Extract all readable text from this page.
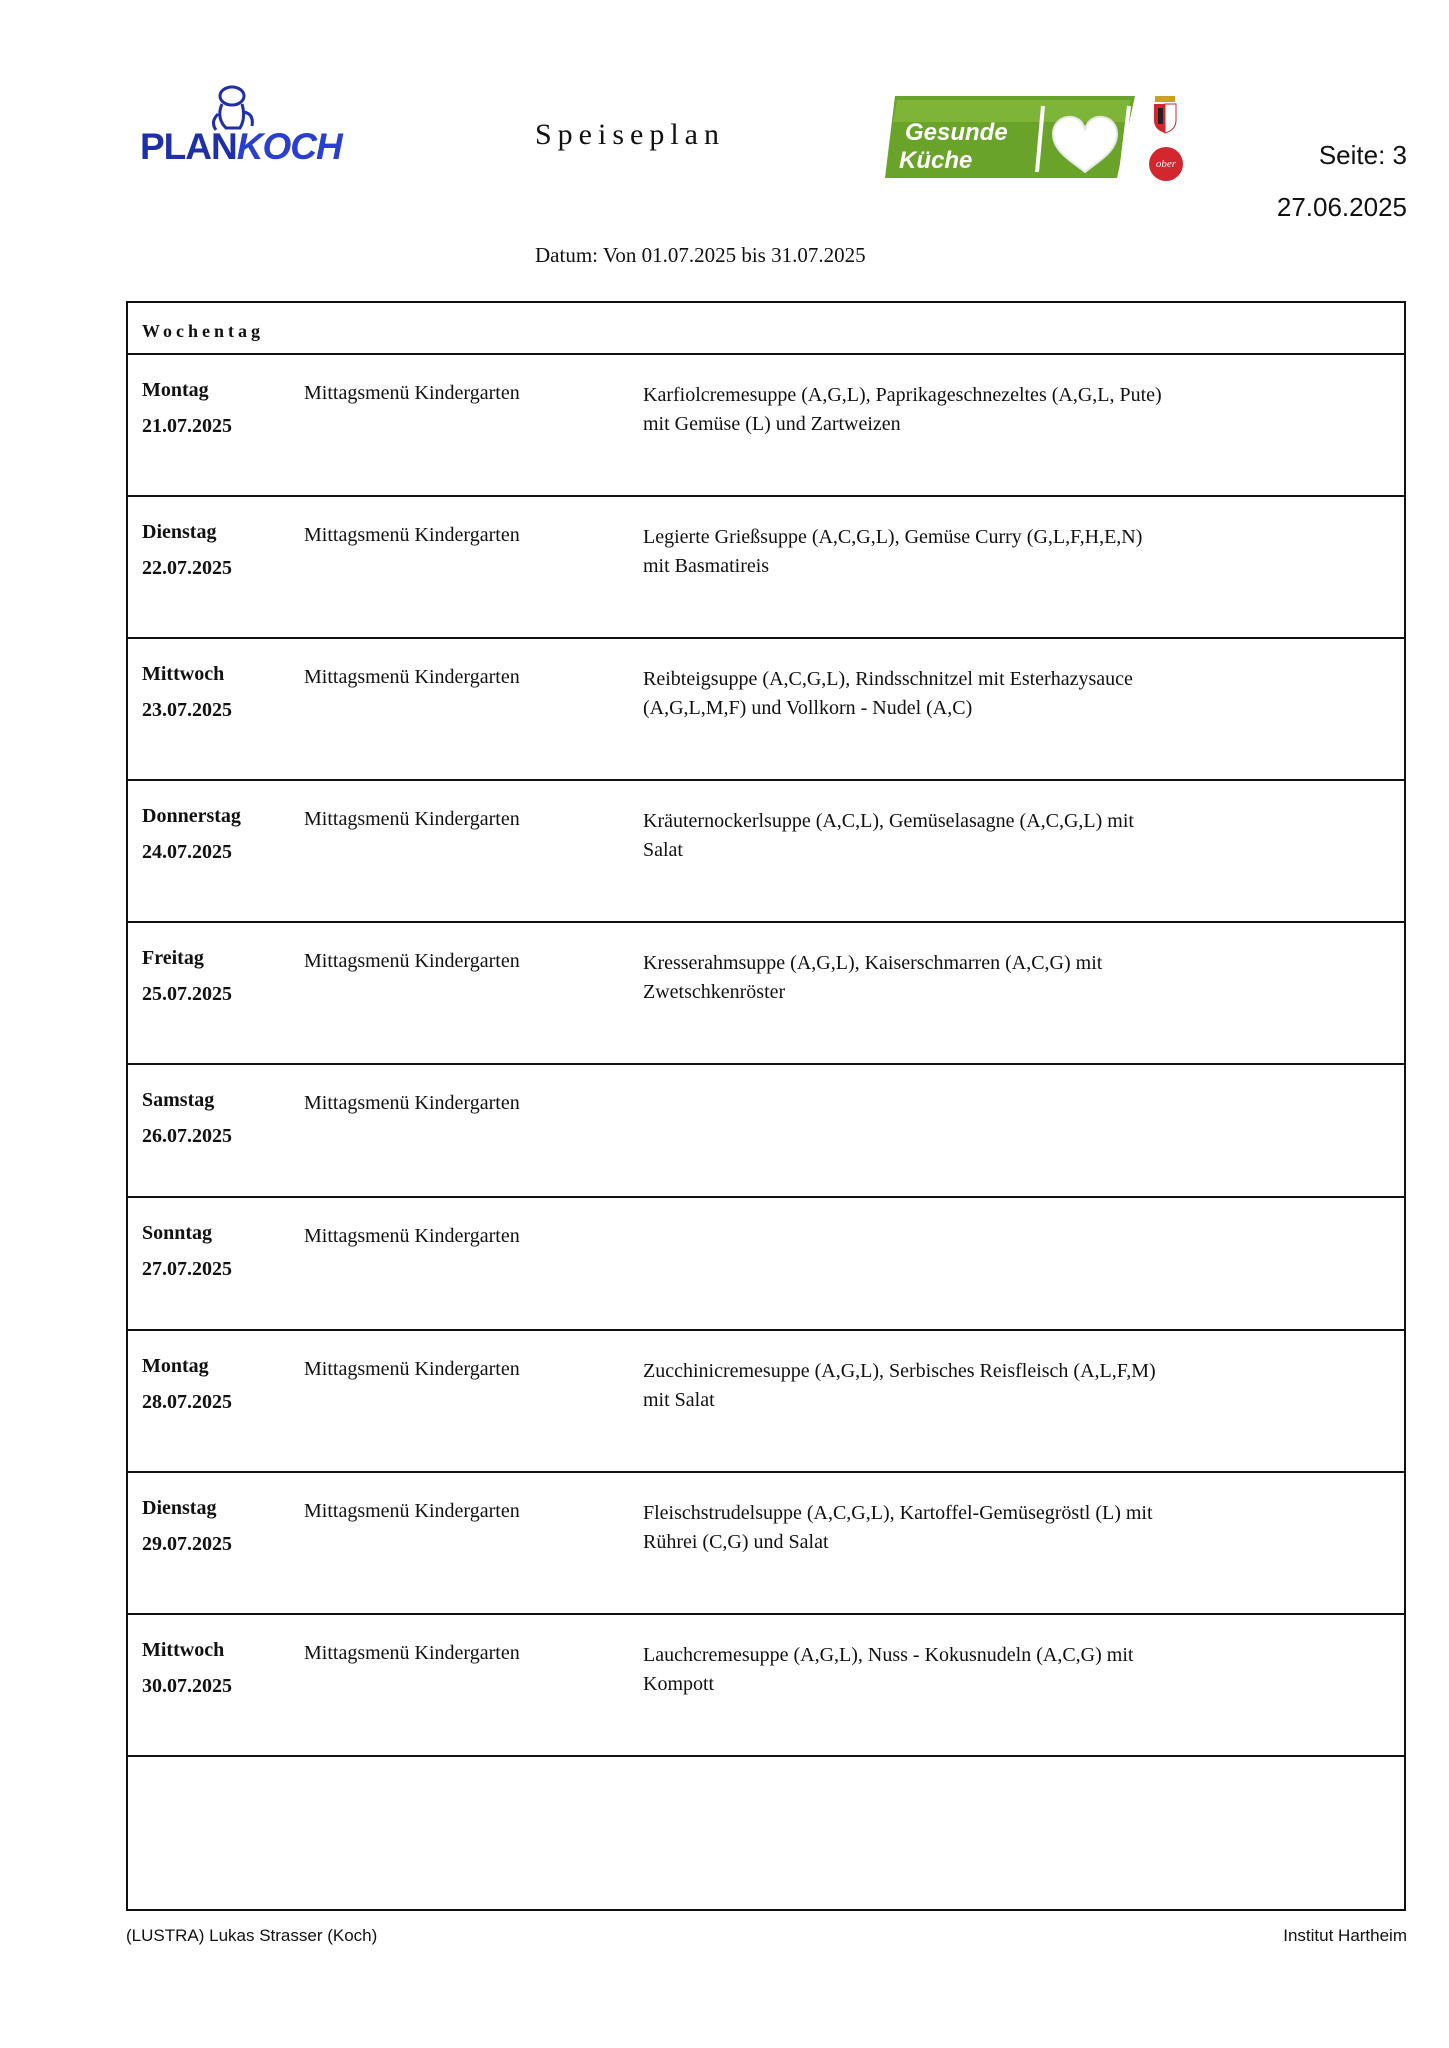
PLANKOCH	Speiseplan	Gesunde
Küche	ober	Seite: 3
27.06.2025
Datum: Von 01.07.2025 bis 31.07.2025
Wochentag
Montag
21.07.2025
Mittagsmenü Kindergarten	Karfiolcremesuppe (A,G,L), Paprikageschnezeltes (A,G,L, Pute)
mit Gemüse (L) und Zartweizen
Dienstag
22.07.2025
Mittagsmenü Kindergarten	Legierte Grießsuppe (A,C,G,L), Gemüse Curry (G,L,F,H,E,N)
mit Basmatireis
Mittwoch
23.07.2025
Mittagsmenü Kindergarten	Reibteigsuppe (A,C,G,L), Rindsschnitzel mit Esterhazysauce
(A,G,L,M,F) und Vollkorn - Nudel (A,C)
Donnerstag
24.07.2025
Mittagsmenü Kindergarten	Kräuternockerlsuppe (A,C,L), Gemüselasagne (A,C,G,L) mit
Salat
Freitag
25.07.2025
Mittagsmenü Kindergarten	Kresserahmsuppe (A,G,L), Kaiserschmarren (A,C,G) mit
Zwetschkenröster
Samstag
26.07.2025
Mittagsmenü Kindergarten
Sonntag
27.07.2025
Mittagsmenü Kindergarten
Montag
28.07.2025
Mittagsmenü Kindergarten	Zucchinicremesuppe (A,G,L), Serbisches Reisfleisch (A,L,F,M)
mit Salat
Dienstag
29.07.2025
Mittagsmenü Kindergarten	Fleischstrudelsuppe (A,C,G,L), Kartoffel-Gemüsegröstl (L) mit
Rührei (C,G) und Salat
Mittwoch
30.07.2025
Mittagsmenü Kindergarten	Lauchcremesuppe (A,G,L), Nuss - Kokusnudeln (A,C,G) mit
Kompott
(LUSTRA) Lukas Strasser (Koch)	Institut Hartheim
